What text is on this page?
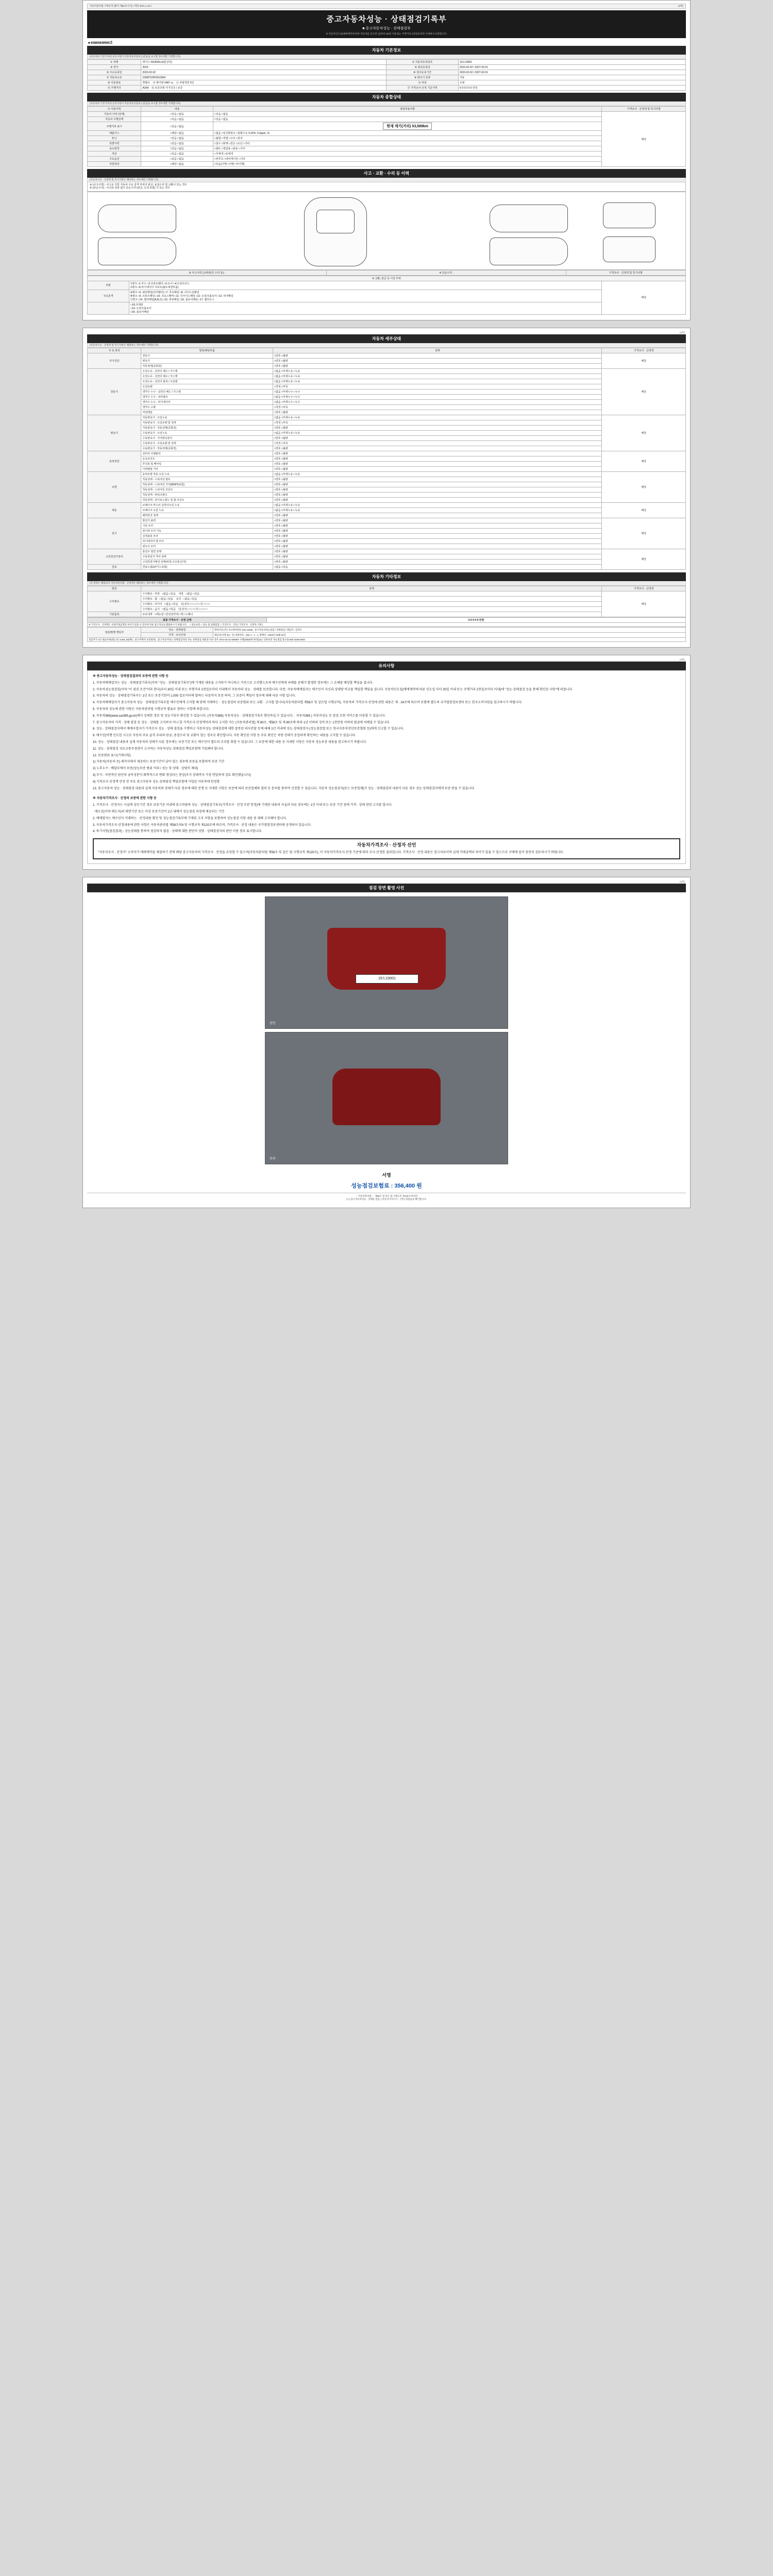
자동차관리법 시행규칙 [별지 제82호서식] <개정 2021.1.15.>	(1쪽)
중고자동차성능 · 상태점검기록부
■ 중고자동차성능 · 상태점검부
※ 자동차인도일(매매계약에 따라 자동차를 인도한 날)부터 30일 이내 또는 주행거리 2천킬로미터 이내에서 보증합니다.
■ 60880849965호
자동차 기본정보
(자동차의 기본기록과 등록사항이 자동차등록증과 ( )같음을 표시함 경우에만 기재합니다)
① 차명	렉서스 NX400h+(4륜상당)	② 자동차등록번호	15도23001
③ 연식	2023	④ 최초등록일	2023-02-02 / 2027-02-01
⑤ 주소등록일	2023-02-02	⑥ 검사유효기간	2023-02-02 / 2027-02-01
⑦ 자동차소유	ZSM9TZ9F0010004	⑧ 변속기 종류	자동
⑩ 사용연료	휘발유 ⑪ 배기량 2487 cc ⑫ 차량정원 5인	⑬ 차종	소형
⑮ 주행거리	A25A ⑯ 보증유형 자기인증 / 보증	⑰ 가격조사·산정 기준가액	0 0 0 0 0 0 만원
자동차 종합상태
(자동차의 기본기록과 등록사항이 자동차등록증과 ( )같음을 표시함 경우에만 기재합니다)
① 사용이력	내용	점검내용사항	가격조사 · 산정액 및 특기사항
자동차 이력 (상태)	□있음 □없음	□있음 □없음	해당
자동차 주행상태	□있음 □없음	□있음 □없음	
주행거리 표시	□있음 □없음	현재 계기(거리) 53,589km	
배출가스	□해당 □없음	□없음 □일산화탄소 □탄화수소 0.02%, 0.0ppm, %	
튜닝	□있음 □없음	□불법 □적법 □구조 □장치	
특별이력	□있음 □없음	□침수 □화재 □전손 □도난 □기타	
용도변경	□있음 □없음	□렌트 □영업용 □관용 □기타	
색상	□있음 □없음	□무채색 □유채색	
주요옵션	□있음 □없음	□썬루프 □내비게이션 □기타	
리콜대상	□해당 □없음	□있음(이행 □이행 □미이행)	
사고 · 교환 · 수리 등 이력
(자동차소유 · 산정액 및 특기사항은 해당하는 경우에만 기재합니다)
※ (사고이력) : 사고로 인한 자동차 주요 골격 부위의 판금, 용접수리 및 교환이 있는 경우
※ (단순수리) : 사고와 상관 없이 단순수리 (판금, 도색 포함) 가 있는 경우
※ 사고이력 (교차/판금 수리 등) :	※ 단순수리 :	가격조사 · 산정액 및 특기사항
※ 교환, 판금 등 이상 부위		
외판	1랭크 □1.후드 □2.프론트휀더 □3.도어 □4.트렁크리드
2랭크 □5.라디에이터 서포트(볼트체결부품)	해당
주요골격	A랭크 □6. 쿼터패널(리어휀더) □7. 루프패널 □8. 사이드실패널
B랭크 □9. 프론트패널 □10. 크로스멤버 □11. 인사이드패널 □12. 트렁크플로어 □13. 리어패널
C랭크 □14. 필러패널(A,B,C) □15. 대쉬패널 □16. 플로어패널 □17. 휠하우스	

	□18.프레임
□19. 트렁크플로어
□20. 플로어패널	
(2쪽)
자동차 세부상태
(자동차소유 · 산정액 및 특기사항은 해당하는 경우에만 기재합니다)
주 요 장치	항목/해당부품	상태	가격조사 · 산정액
자기진단	원동기	□양호 □불량	해당
	변속기	□양호 □불량	
	작동상태(공회전)	□양호 □불량	
원동기	오일누유 - 실린더 헤드 / 가스켓	□없음 □미세누유 □누유	해당
	오일누유 - 실린더 헤드 / 가스켓	□없음 □미세누유 □누유	
	오일누유 - 실린더 블록 / 오일팬	□없음 □미세누유 □누유	
	오일유량	□적정 □부족	
	냉각수 누수 - 실린더 헤드 / 가스켓	□없음 □미세누수 □누수	
	냉각수 누수 - 워터펌프	□없음 □미세누수 □누수	
	냉각수 누수 - 라디에이터	□없음 □미세누수 □누수	
	냉각수 수량	□적정 □부족	
	커먼레일	□양호 □불량	
변속기	자동변속기 - 오일누유	□없음 □미세누유 □누유	해당
	자동변속기 - 오일유량 및 상태	□적정 □부족	
	자동변속기 - 작동상태(공회전)	□양호 □불량	
	수동변속기 - 오일누유	□없음 □미세누유 □누유	
	수동변속기 - 기어변속장치	□양호 □불량	
	수동변속기 - 오일유량 및 상태	□적정 □부족	
	수동변속기 - 작동상태(공회전)	□양호 □불량	
동력전달	클러치 어셈블리	□양호 □불량	해당
	등속조인트	□양호 □불량	
	추진축 및 베어링	□양호 □불량	
	디퍼렌셜 기어	□양호 □불량	
조향	동력조향 작동 오일 누유	□없음 □미세누유 □누유	해당
	작동상태 - 스티어링 펌프	□양호 □불량	
	작동상태 - 스티어링 기어(MDPS포함)	□양호 □불량	
	작동상태 - 스티어링 조인트	□양호 □불량	
	작동상태 - 파워크랭크	□양호 □불량	
	작동상태 - 타이로드엔드 및 볼 조인트	□양호 □불량	
제동	브레이크 마스터 실린더오일 누유	□없음 □미세누유 □누유	해당
	브레이크 오일 누유	□없음 □미세누유 □누유	
	배력장치 상태	□양호 □불량	
전기	발전기 출력	□양호 □불량	해당
	시동 모터	□양호 □불량	
	와이퍼 모터 기능	□양호 □불량	
	실내송풍 모터	□양호 □불량	
	라디에이터 팬 모터	□양호 □불량	
	윈도우 모터	□양호 □불량	
고전원전기장치	충전구 절연 상태	□양호 □불량	해당
	구동축전지 격리 상태	□양호 □불량	
	고전원전기배선 상태(피복,구조물,단자)	□양호 □불량	
연료	연료누출(LP가스포함)	□없음 □있음	
자동차 기타정보
(미 항목은 해당되지 자동차관리법 · 산정액은 해당하는 경우에만 기재합니다)
항목	상태	가격조사 · 산정액
수리필요	수리필요 - 외장 □없음 □있음 내장 □없음 □있음	해당
	수리필요 - 휠 □없음 □있음 유리 □없음 □있음	
	수리필요 - 타이어 □없음 □있음 î운전석 □ □ □ / □ 뒤 □ □ □	
	수리필요 - 습기 □없음 □있음 î운전석 □ □ □ / 뒤 □ □ □ □	
기본품목	보유내역 □매뉴얼 □안전삼각대 □잭 □스패너	
최종 가격조사 · 산정 금액	0 0 0 0 0 만원
※ 가격조사 · 산정액은 실제거래금액과 차이가 있을 수 있으며 단순 참고자료로 활용하시기 바랍니다. □ 성능보증 □ 성능 및 상태점검 □ 가격조사 · 산정 ( 가격조사 · 산정자 기재 )
점검/발행 책임자	성능 · 상태점검	명의이전 (주) 나으테마전통 (151-3446) , 중고자동차성능점검 / 상태점검 / 책임자 : 김영수
	가격 · 조사산정	책임자(서명 또는 인) 전화번호 : (2)1-1 - 1 - 1, 발행일 : 2023년 02월 02일
점검자가 1년 내(1년에1회) 1년 3,001,34(해도, 중고차계약 보증범위) , 중고자동차성능·상태점검자의 성능·상태점검 내용과 다른 경우 2071-02-41-009487 수행(2003)에 따라(12) / 신한보증 성능점검 중소용 562-1646-2603		
(3쪽)
유의사항

※ 중고자동차성능 · 상태점검결과의 보증에 관한 사항 등

1. 자동차매매업자는 성능 · 상태점검기록부(이하 "성능 · 상태점검기록부")에 기재된 내용을 고지하기 아니하고 거짓으로 고지했으로써 매수인에게 피해를 준해가 발생한 경우에는 그 손해를 배상할 책임을 집니다.

2. 자동차성능점검일(이하 "이 점검 조건"이라 한다)부터 30일 이내 또는 주행거리 2천킬로미터 이내에서 자동차의 성능 · 상태를 보증합니다. 다만, 자동차매매업자는 매수인이 자신과 상대방 비교를 책임할 책임을 집니다. 자동차인도일(매매계약에 따른 인도일 부터 30일 이내 또는 주행거리 2천킬로미터 이내)에 "성능·상태점검 등을 통해 확인된 사항"에 따릅니다.

3. 자동차의 성능 · 상태점검기록부는 1년 또는 보증기한이 1,000 킬로미터에 달하는 다음까지 보증 하며, 그 보증이 책임이 경우에 대해 다른 사항 입니다.

4. 자동차매매업자가 중고자동차 성능 · 상태점검기록부를 매수인에게 고지할 때 판매 거래하는 · 성능점검의 보증범위 또는 교환 · 고지를 합니다(자동차관리법 제58조 및 같은법 시행규칙). 자동차의 가격조사·산정에 관한 내용은 제 · 24조에 따르며 보험에 별도의 국가법령정보센터 또는 한국소비자원을 참고하시기 바랍니다.

5. 자동차의 성능에 관한 사항은 자동차관리법 시행규칙 별표로 정하는 사항에 따릅니다.

6. 자동차365(www.car365.go.kr)에서 상세한 정보 및 성능기록부 확인할 수 있습니다. (자동차365) 자동차성능 · 상태점검기록부 확인하실 수 있습니다. · 자동차365 ) 자동차성능 등 점검 조회 서비스를 이용할 수 있습니다.

7. 중고자동차의 가격 · 상태 점검 등 성능 · 상태를 고지하지 아니 한 가격조사·산정액이라 하다 고지한 자는 (자동차관리법) 제 80조, 제58조 및 제 80조에 따라 1년 이하의 징역 또는 1천만원 이하의 벌금에 처해질 수 있습니다.

8. 성능 · 상태점검자에서 매매사업자가 가격조사 성능 · 상태 점검을 수행하고 자동차성능 상태점검에 대한 잘못된 의사전달 등에 대해 1년 이내에 성능·상태점검자 (성능점검법 또는 한국자동차진단보증협회 등)에게 신고할 수 있습니다.

9. 매수인(여행 인도한 시고로 자동차 주요 골격 부위의 판금, 용접수리 및 교환이 있는 경우로 확인합니다. 자동 확인된 사항 등 주요 확인은 차량 상태가 동일하게 확인하는 내용을 고지할 수 있습니다.

10. 성능 · 상태점검 내용과 실제 자동차의 상태가 다른 경우에는 보증기간 또는 매수인이 별도의 조치를 취할 수 있습니다. 그 보증에 대한 내용 등 자세한 사항은 자동차 성능보증 내용을 참고하시기 바랍니다.

11. 성능 · 상태점검 국토교통부장관이 고시하는 자동차성능·상태점검 책임보험에 가입해야 합니다.

12. 보증범위 표시(기재사항)

1) 자동차(자동차 등) 제작사에서 제공하는 보증기간이 남아 있는 경우에 보증을 포함하여 보증 기간

2) 노후누수 : 배달부에서 보증(성능보증 범위 이외 / 성능 및 상태 · 상당히 제외)

3) 부식 : 자연적인 원인의 금속성분이 화학적으로 변화 생성되는 현상(부식 상태까지 가장 면밀하게 검토 확인했습니다)

4) 가격조사·산정액 산정 전 주요 중고자동차 성능·상태점검 책임보험에 가입된 자동차에 한정함

13. 중고자동차 성능 · 상태점검 내용과 실제 자동차의 상태가 다른 경우에 대한 분쟁 등 자세한 사항은 보증에 따라 보증업체와 협의 등 문의를 통하여 신청할 수 있습니다. 자동차 성능점검자(또는 보증업체)가 성능 · 상태점검의 내용이 다른 경우 성능·상태점검자에게 보증 받을 수 있습니다.

※ 자동차가격조사 · 산정의 보증에 관한 사항 등

1. 가격조사 · 산정자는 사실에 상응기간 정보 보증기준 이내에 중고차량의 성능 · 상태점검기록부(가격조사 · 산정 부분 한정)에 기재한 내용의 사실과 다른 경우에는 1년 이내 또는 보증 기간 중에 가격 · 상태 관련 고지를 합니다.

· 매도인(이하 매도자)의 대면기간 또는 이상 보증기간이 1년 내에서 성능점검 과정에 제공되는 기간

2. 매매업자는 매수인이 거래하는 · 산정내용 확인 및 성능점검기록부에 기재된 고지 사항을 포함하여 성능점검 사항 내용 중 대해 고지해야 합니다.

3. 자동차가격조사·산정내용에 관한 사항은 자동차관리법 제58조의4 및 시행규칙 제120조에 따르며, 가격조사 · 산정 내용은 국가법령정보센터에 공개되어 있습니다.

4. 특기사항(점검결과) : 성능상태를 통하여 점검하지 않음 · 상태에 대한 판단이 상당 · 상태점검자의 판단 이용 경우 표시합니다.

자동차가격조사 · 산정자 선언
"자동차조사 · 산정자" 소비자가 매매계약을 체결하기 전에 해당 중고자동차의 가격조사 · 산정을 요청할 수 있으며(자동차관리법 제58조 및 같은 법 시행규칙 제120조), 이 자동차가격조사·산정 기준에 따라 조사·산정한 결과입니다. 가격조사 · 산정 내용은 참고자료이며 실제 거래금액과 차이가 있을 수 있으므로 구매에 앞서 충분히 검토하시기 바랍니다.
(4쪽)
점검 장면 촬영 사진
15도23001
전면
후면
서명
성능점검보험료 : 356,400 원
「 자동차관리법 」 제58조 및 같은 법 시행규칙 제120조에 따라
[ 1 ] 중고자동차성능 · 상태를 점검, [ 자동차가격조사 · 산정 ] 하였음을 확인합니다.
